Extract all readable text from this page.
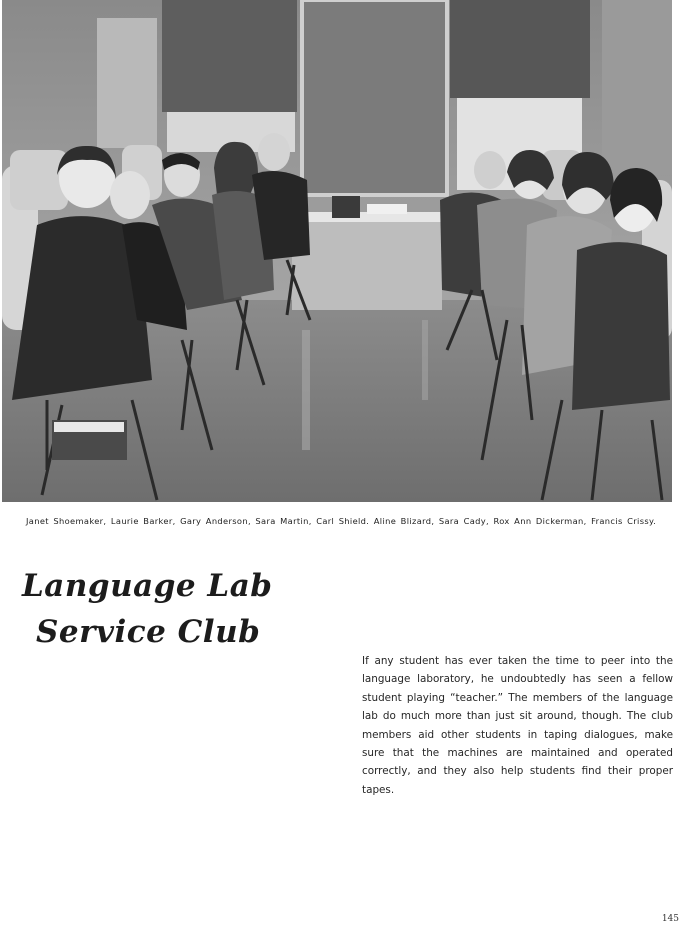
Janet Shoemaker, Laurie Barker, Gary Anderson, Sara Martin, Carl Shield. Aline Blizard, Sara Cady, Rox Ann Dickerman, Francis Crissy.
Language Lab
Service Club

If any student has ever taken the time to peer into the language laboratory, he undoubtedly has seen a fellow student playing “teacher.” The members of the language lab do much more than just sit around, though. The club members aid other students in taping dialogues, make sure that the machines are maintained and operated correctly, and they also help students find their proper tapes.

145
